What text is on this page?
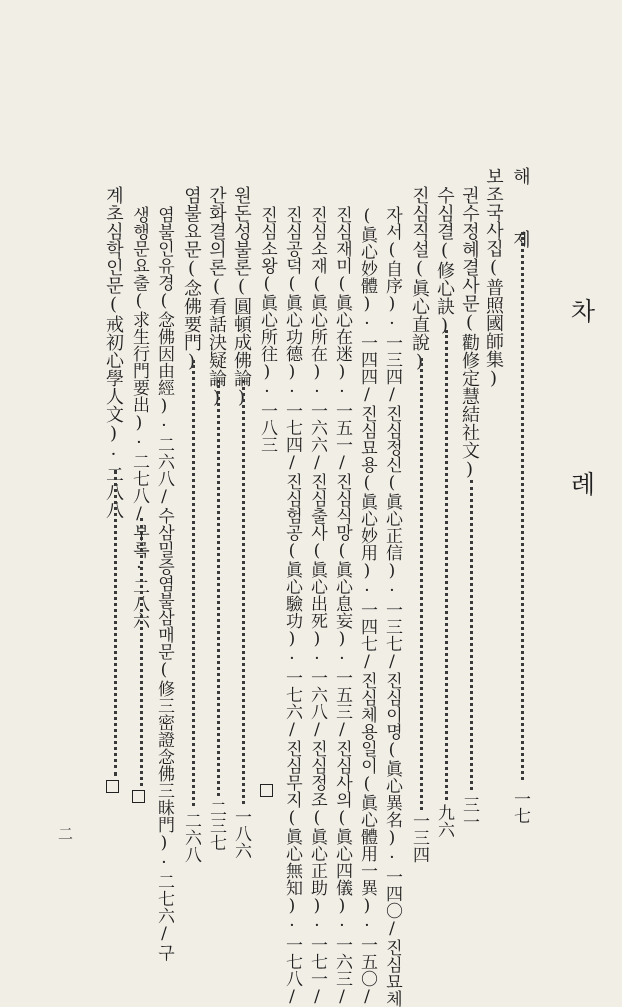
차 례
해 제
一七
보조국사집(普照國師集)
권수정혜결사문(勸修定慧結社文)
三一
수심결(修心訣)
九六
진심직설(眞心直說)
一三四
자서(自序)·一三四/진심정신(眞心正信)·一三七/진심이명(眞心異名)·一四〇/진심묘체
(眞心妙體)·一四四/진심묘용(眞心妙用)·一四七/진심체용일이(眞心體用一異)·一五〇/
진심재미(眞心在迷)·一五一/진심식망(眞心息妄)·一五三/진심사의(眞心四儀)·一六三/
진심소재(眞心所在)·一六六/진심출사(眞心出死)·一六八/진심정조(眞心正助)·一七一/
진심공덕(眞心功德)·一七四/진심험공(眞心驗功)·一七六/진심무지(眞心無知)·一七八/
진심소왕(眞心所往)·一八三
원돈성불론(圓頓成佛論)
一八六
간화결의론(看話決疑論)
二三七
염불요문(念佛要門)
二六八
염불인유경(念佛因由經)·二六八/수삼밀증염불삼매문(修三密證念佛三昧門)·二七六/구
생행문요출(求生行門要出)·二七八/부록·二八六
계초심학인문(戒初心學人文)·二八八
二
